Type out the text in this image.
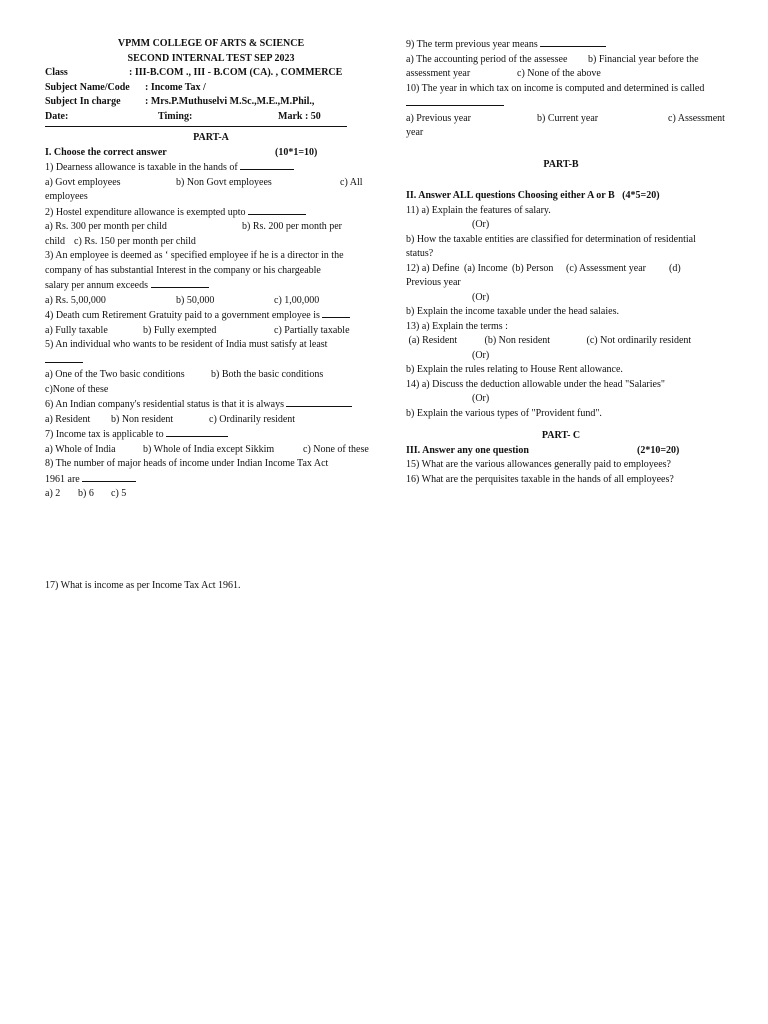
VPMM COLLEGE OF ARTS & SCIENCE
SECOND INTERNAL TEST SEP 2023
Class	: III-B.COM ., III - B.COM (CA). , COMMERCE
Subject Name/Code : Income Tax /
Subject In charge : Mrs.P.Muthuselvi M.Sc.,M.E.,M.Phil.,
Date:	Timing:	Mark : 50
PART-A
I. Choose the correct answer	(10*1=10)
1) Dearness allowance is taxable in the hands of
a) Govt employees	b) Non Govt employees	c) All
employees
2) Hostel expenditure allowance is exempted upto
a) Rs. 300 per month per child	b) Rs. 200 per month per
child c) Rs. 150 per month per child
3) An employee is deemed as ‘ specified employee if he is a director in the
company of has substantial Interest in the company or his chargeable
salary per annum exceeds
a) Rs. 5,00,000	b) 50,000	c) 1,00,000
4) Death cum Retirement Gratuity paid to a government employee is
a) Fully taxable	b) Fully exempted	c) Partially taxable
5) An individual who wants to be resident of India must satisfy at least
a) One of the Two basic conditions	b) Both the basic conditions
c)None of these
6) An Indian company's residential status is that it is always
a) Resident b) Non resident	c) Ordinarily resident
7) Income tax is applicable to
a) Whole of India	b) Whole of India except Sikkim	c) None of these
8) The number of major heads of income under Indian Income Tax Act
1961 are
a) 2 b) 6 c) 5
17) What is income as per Income Tax Act 1961.
9) The term previous year means
a) The accounting period of the assessee b) Financial year before the
assessment year	c) None of the above
10) The year in which tax on income is computed and determined is called
a) Previous year	b) Current year	c) Assessment
year
PART-B
II. Answer ALL questions Choosing either A or B (4*5=20)
11) a) Explain the features of salary.
(Or)
b) How the taxable entities are classified for determination of residential
status?
12) a) Define (a) Income (b) Person (c) Assessment year (d)
Previous year
(Or)
b) Explain the income taxable under the head salaies.
13) a) Explain the terms :
(a) Resident	(b) Non resident	(c) Not ordinarily resident
(Or)
b) Explain the rules relating to House Rent allowance.
14) a) Discuss the deduction allowable under the head "Salaries"
(Or)
b) Explain the various types of "Provident fund".
PART- C
III. Answer any one question	(2*10=20)
15) What are the various allowances generally paid to employees?
16) What are the perquisites taxable in the hands of all employees?
